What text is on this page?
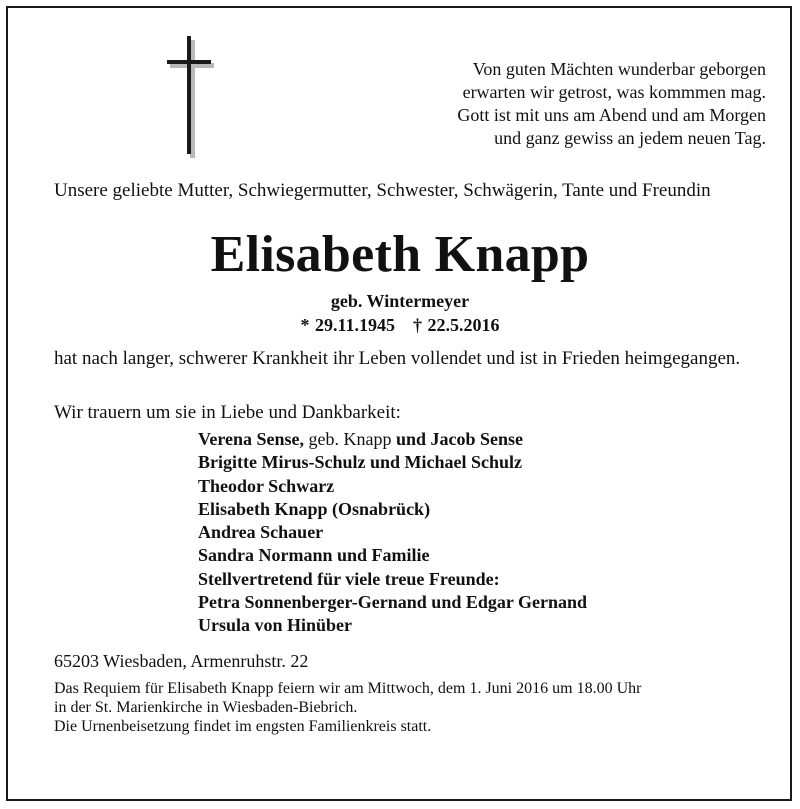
Von guten Mächten wunderbar geborgen
erwarten wir getrost, was kommmen mag.
Gott ist mit uns am Abend und am Morgen
und ganz gewiss an jedem neuen Tag.
Unsere geliebte Mutter, Schwiegermutter, Schwester, Schwägerin, Tante und Freundin
Elisabeth Knapp
geb. Wintermeyer
* 29.11.1945 † 22.5.2016
hat nach langer, schwerer Krankheit ihr Leben vollendet und ist in Frieden heimgegangen.
Wir trauern um sie in Liebe und Dankbarkeit:
Verena Sense, geb. Knapp und Jacob Sense
Brigitte Mirus-Schulz und Michael Schulz
Theodor Schwarz
Elisabeth Knapp (Osnabrück)
Andrea Schauer
Sandra Normann und Familie
Stellvertretend für viele treue Freunde:
Petra Sonnenberger-Gernand und Edgar Gernand
Ursula von Hinüber
65203 Wiesbaden, Armenruhstr. 22
Das Requiem für Elisabeth Knapp feiern wir am Mittwoch, dem 1. Juni 2016 um 18.00 Uhr
in der St. Marienkirche in Wiesbaden-Biebrich.
Die Urnenbeisetzung findet im engsten Familienkreis statt.
